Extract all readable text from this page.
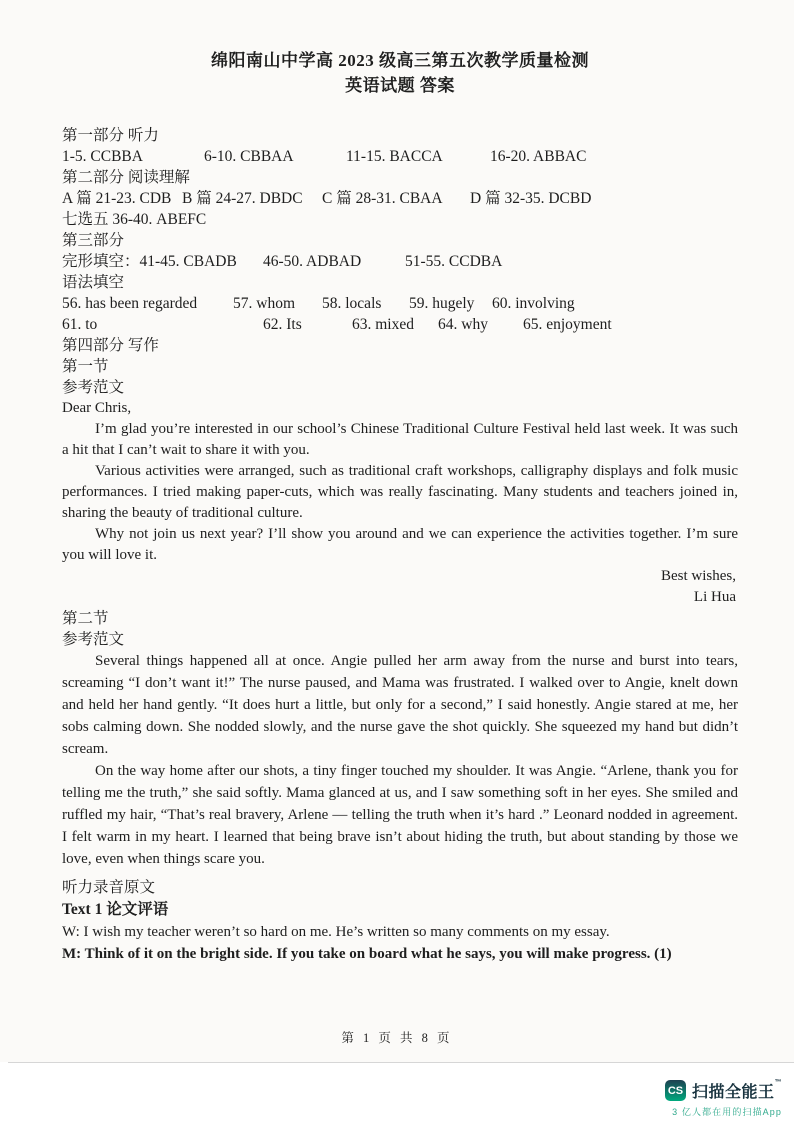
绵阳南山中学高 2023 级高三第五次教学质量检测
英语试题 答案
第一部分 听力
1-5. CCBBA	6-10. CBBAA	11-15. BACCA	16-20. ABBAC
第二部分 阅读理解
A 篇 21-23. CDB B 篇 24-27. DBDC C 篇 28-31. CBAA D 篇 32-35. DCBD
七选五 36-40. ABEFC
第三部分
完形填空：41-45. CBADB 46-50. ADBAD	51-55. CCDBA
语法填空
56. has been regarded 57. whom 58. locals 59. hugely 60. involving
61. to	62. Its	63. mixed 64. why 65. enjoyment
第四部分 写作
第一节
参考范文

Dear Chris,

I’m glad you’re interested in our school’s Chinese Traditional Culture Festival held last week. It was such a hit that I can’t wait to share it with you.

Various activities were arranged, such as traditional craft workshops, calligraphy displays and folk music performances. I tried making paper-cuts, which was really fascinating. Many students and teachers joined in, sharing the beauty of traditional culture.

Why not join us next year? I’ll show you around and we can experience the activities together. I’m sure you will love it.

Best wishes,
Li Hua
第二节
参考范文

Several things happened all at once. Angie pulled her arm away from the nurse and burst into tears, screaming “I don’t want it!” The nurse paused, and Mama was frustrated. I walked over to Angie, knelt down and held her hand gently. “It does hurt a little, but only for a second,” I said honestly. Angie stared at me, her sobs calming down. She nodded slowly, and the nurse gave the shot quickly. She squeezed my hand but didn’t scream.

On the way home after our shots, a tiny finger touched my shoulder. It was Angie. “Arlene, thank you for telling me the truth,” she said softly. Mama glanced at us, and I saw something soft in her eyes. She smiled and ruffled my hair, “That’s real bravery, Arlene — telling the truth when it’s hard .” Leonard nodded in agreement. I felt warm in my heart. I learned that being brave isn’t about hiding the truth, but about standing by those we love, even when things scare you.

听力录音原文
Text 1 论文评语
W: I wish my teacher weren’t so hard on me. He’s written so many comments on my essay.
M: Think of it on the bright side. If you take on board what he says, you will make progress. (1)
第 1 页 共 8 页
CS 扫描全能王™
3 亿人都在用的扫描App
